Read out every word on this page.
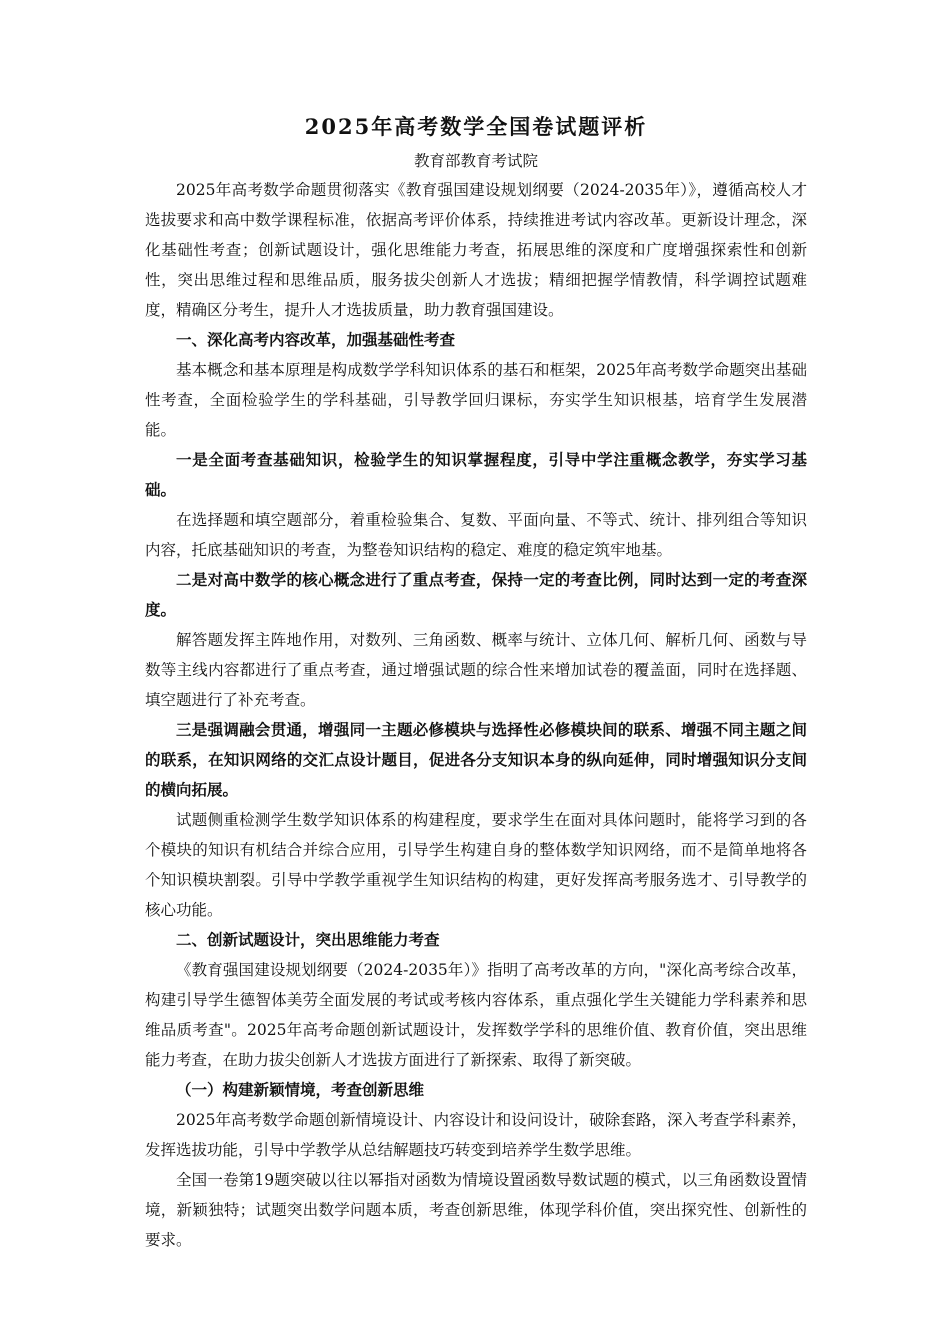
2025年高考数学全国卷试题评析
教育部教育考试院

2025年高考数学命题贯彻落实《教育强国建设规划纲要（2024-2035年）》，遵循高校人才选拔要求和高中数学课程标准，依据高考评价体系，持续推进考试内容改革。更新设计理念，深化基础性考查；创新试题设计，强化思维能力考查，拓展思维的深度和广度增强探索性和创新性，突出思维过程和思维品质，服务拔尖创新人才选拔；精细把握学情教情，科学调控试题难度，精确区分考生，提升人才选拔质量，助力教育强国建设。

一、深化高考内容改革，加强基础性考查

基本概念和基本原理是构成数学学科知识体系的基石和框架，2025年高考数学命题突出基础性考查，全面检验学生的学科基础，引导教学回归课标，夯实学生知识根基，培育学生发展潜能。

一是全面考查基础知识，检验学生的知识掌握程度，引导中学注重概念教学，夯实学习基础。

在选择题和填空题部分，着重检验集合、复数、平面向量、不等式、统计、排列组合等知识内容，托底基础知识的考查，为整卷知识结构的稳定、难度的稳定筑牢地基。

二是对高中数学的核心概念进行了重点考查，保持一定的考查比例，同时达到一定的考查深度。

解答题发挥主阵地作用，对数列、三角函数、概率与统计、立体几何、解析几何、函数与导数等主线内容都进行了重点考查，通过增强试题的综合性来增加试卷的覆盖面，同时在选择题、填空题进行了补充考查。

三是强调融会贯通，增强同一主题必修模块与选择性必修模块间的联系、增强不同主题之间的联系，在知识网络的交汇点设计题目，促进各分支知识本身的纵向延伸，同时增强知识分支间的横向拓展。

试题侧重检测学生数学知识体系的构建程度，要求学生在面对具体问题时，能将学习到的各个模块的知识有机结合并综合应用，引导学生构建自身的整体数学知识网络，而不是简单地将各个知识模块割裂。引导中学教学重视学生知识结构的构建，更好发挥高考服务选才、引导教学的核心功能。

二、创新试题设计，突出思维能力考查

《教育强国建设规划纲要（2024-2035年）》指明了高考改革的方向，"深化高考综合改革，构建引导学生德智体美劳全面发展的考试或考核内容体系，重点强化学生关键能力学科素养和思维品质考查"。2025年高考命题创新试题设计，发挥数学学科的思维价值、教育价值，突出思维能力考查，在助力拔尖创新人才选拔方面进行了新探索、取得了新突破。

（一）构建新颖情境，考查创新思维

2025年高考数学命题创新情境设计、内容设计和设问设计，破除套路，深入考查学科素养，发挥选拔功能，引导中学教学从总结解题技巧转变到培养学生数学思维。

全国一卷第19题突破以往以幂指对函数为情境设置函数导数试题的模式，以三角函数设置情境，新颖独特；试题突出数学问题本质，考查创新思维，体现学科价值，突出探究性、创新性的要求。
